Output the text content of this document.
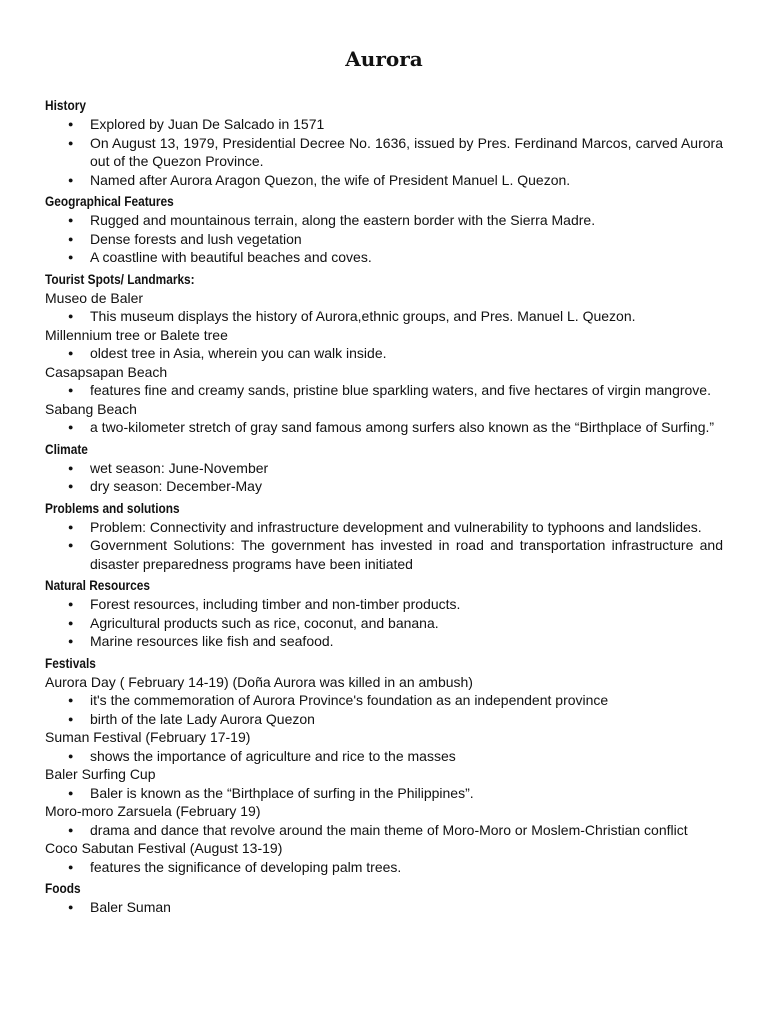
Aurora
History
● Explored by Juan De Salcado in 1571
● On August 13, 1979, Presidential Decree No. 1636, issued by Pres. Ferdinand Marcos, carved Aurora out of the Quezon Province.
● Named after Aurora Aragon Quezon, the wife of President Manuel L. Quezon.
Geographical Features
● Rugged and mountainous terrain, along the eastern border with the Sierra Madre.
● Dense forests and lush vegetation
● A coastline with beautiful beaches and coves.
Tourist Spots/ Landmarks:
Museo de Baler
● This museum displays the history of Aurora,ethnic groups, and Pres. Manuel L. Quezon.
Millennium tree or Balete tree
● oldest tree in Asia, wherein you can walk inside.
Casapsapan Beach
● features fine and creamy sands, pristine blue sparkling waters, and five hectares of virgin mangrove.
Sabang Beach
● a two-kilometer stretch of gray sand famous among surfers also known as the “Birthplace of Surfing.”
Climate
● wet season: June-November
● dry season: December-May
Problems and solutions
● Problem: Connectivity and infrastructure development and vulnerability to typhoons and landslides.
● Government Solutions: The government has invested in road and transportation infrastructure and disaster preparedness programs have been initiated
Natural Resources
● Forest resources, including timber and non-timber products.
● Agricultural products such as rice, coconut, and banana.
● Marine resources like fish and seafood.
Festivals
Aurora Day ( February 14-19) (Doña Aurora was killed in an ambush)
● it's the commemoration of Aurora Province's foundation as an independent province
● birth of the late Lady Aurora Quezon
Suman Festival (February 17-19)
● shows the importance of agriculture and rice to the masses
Baler Surfing Cup
● Baler is known as the “Birthplace of surfing in the Philippines”.
Moro-moro Zarsuela (February 19)
● drama and dance that revolve around the main theme of Moro-Moro or Moslem-Christian conflict
Coco Sabutan Festival (August 13-19)
● features the significance of developing palm trees.
Foods
● Baler Suman
